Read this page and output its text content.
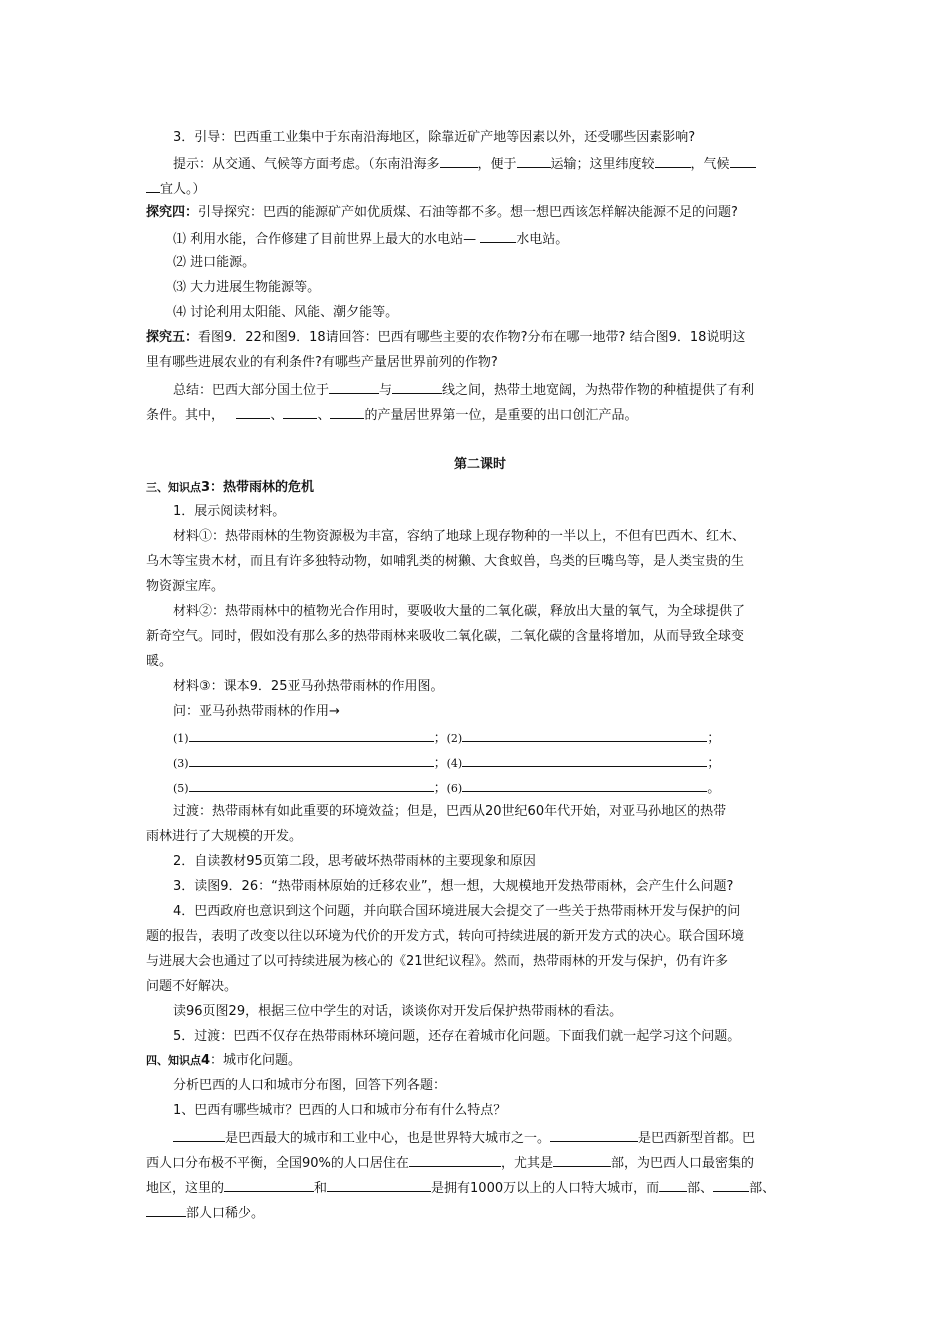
3．引导：巴西重工业集中于东南沿海地区，除靠近矿产地等因素以外，还受哪些因素影响?
提示：从交通、气候等方面考虑。（东南沿海多	，便于	运输；这里纬度较	，气候
宜人。）
探究四：引导探究：巴西的能源矿产如优质煤、石油等都不多。想一想巴西该怎样解决能源不足的问题?
⑴ 利用水能，合作修建了目前世界上最大的水电站—	水电站。
⑵ 进口能源。
⑶ 大力进展生物能源等。
⑷ 讨论利用太阳能、风能、潮夕能等。
探究五：看图9．22和图9．18请回答：巴西有哪些主要的农作物?分布在哪一地带? 结合图9．18说明这
里有哪些进展农业的有利条件?有哪些产量居世界前列的作物?
总结：巴西大部分国土位于	与	线之间，热带土地宽阔，为热带作物的种植提供了有利
条件。其中，	、	、	的产量居世界第一位，是重要的出口创汇产品。
第二课时
三、知识点3：热带雨林的危机
1．展示阅读材料。
材料①：热带雨林的生物资源极为丰富，容纳了地球上现存物种的一半以上，不但有巴西木、红木、
乌木等宝贵木材，而且有许多独特动物，如哺乳类的树獭、大食蚁兽，鸟类的巨嘴鸟等，是人类宝贵的生
物资源宝库。
材料②：热带雨林中的植物光合作用时，要吸收大量的二氧化碳，释放出大量的氧气，为全球提供了
新奇空气。同时，假如没有那么多的热带雨林来吸收二氧化碳，二氧化碳的含量将增加，从而导致全球变
暖。
材料③：课本9．25亚马孙热带雨林的作用图。
问：亚马孙热带雨林的作用→
(1)	；(2)	；
(3)	；(4)	；
(5)	；(6)	。
过渡：热带雨林有如此重要的环境效益；但是，巴西从20世纪60年代开始，对亚马孙地区的热带
雨林进行了大规模的开发。
2．自读教材95页第二段，思考破坏热带雨林的主要现象和原因
3．读图9．26：“热带雨林原始的迁移农业”，想一想，大规模地开发热带雨林，会产生什么问题?
4．巴西政府也意识到这个问题，并向联合国环境进展大会提交了一些关于热带雨林开发与保护的问
题的报告，表明了改变以往以环境为代价的开发方式，转向可持续进展的新开发方式的决心。联合国环境
与进展大会也通过了以可持续进展为核心的《21世纪议程》。然而，热带雨林的开发与保护，仍有许多
问题不好解决。
读96页图29，根据三位中学生的对话，谈谈你对开发后保护热带雨林的看法。
5．过渡：巴西不仅存在热带雨林环境问题，还存在着城市化问题。下面我们就一起学习这个问题。
四、知识点4：城市化问题。
分析巴西的人口和城市分布图，回答下列各题：
1、巴西有哪些城市？巴西的人口和城市分布有什么特点？
是巴西最大的城市和工业中心，也是世界特大城市之一。	是巴西新型首都。巴
西人口分布极不平衡，全国90%的人口居住在	，尤其是	部，为巴西人口最密集的
地区，这里的	和	是拥有1000万以上的人口特大城市，而 部、	部、
部人口稀少。
